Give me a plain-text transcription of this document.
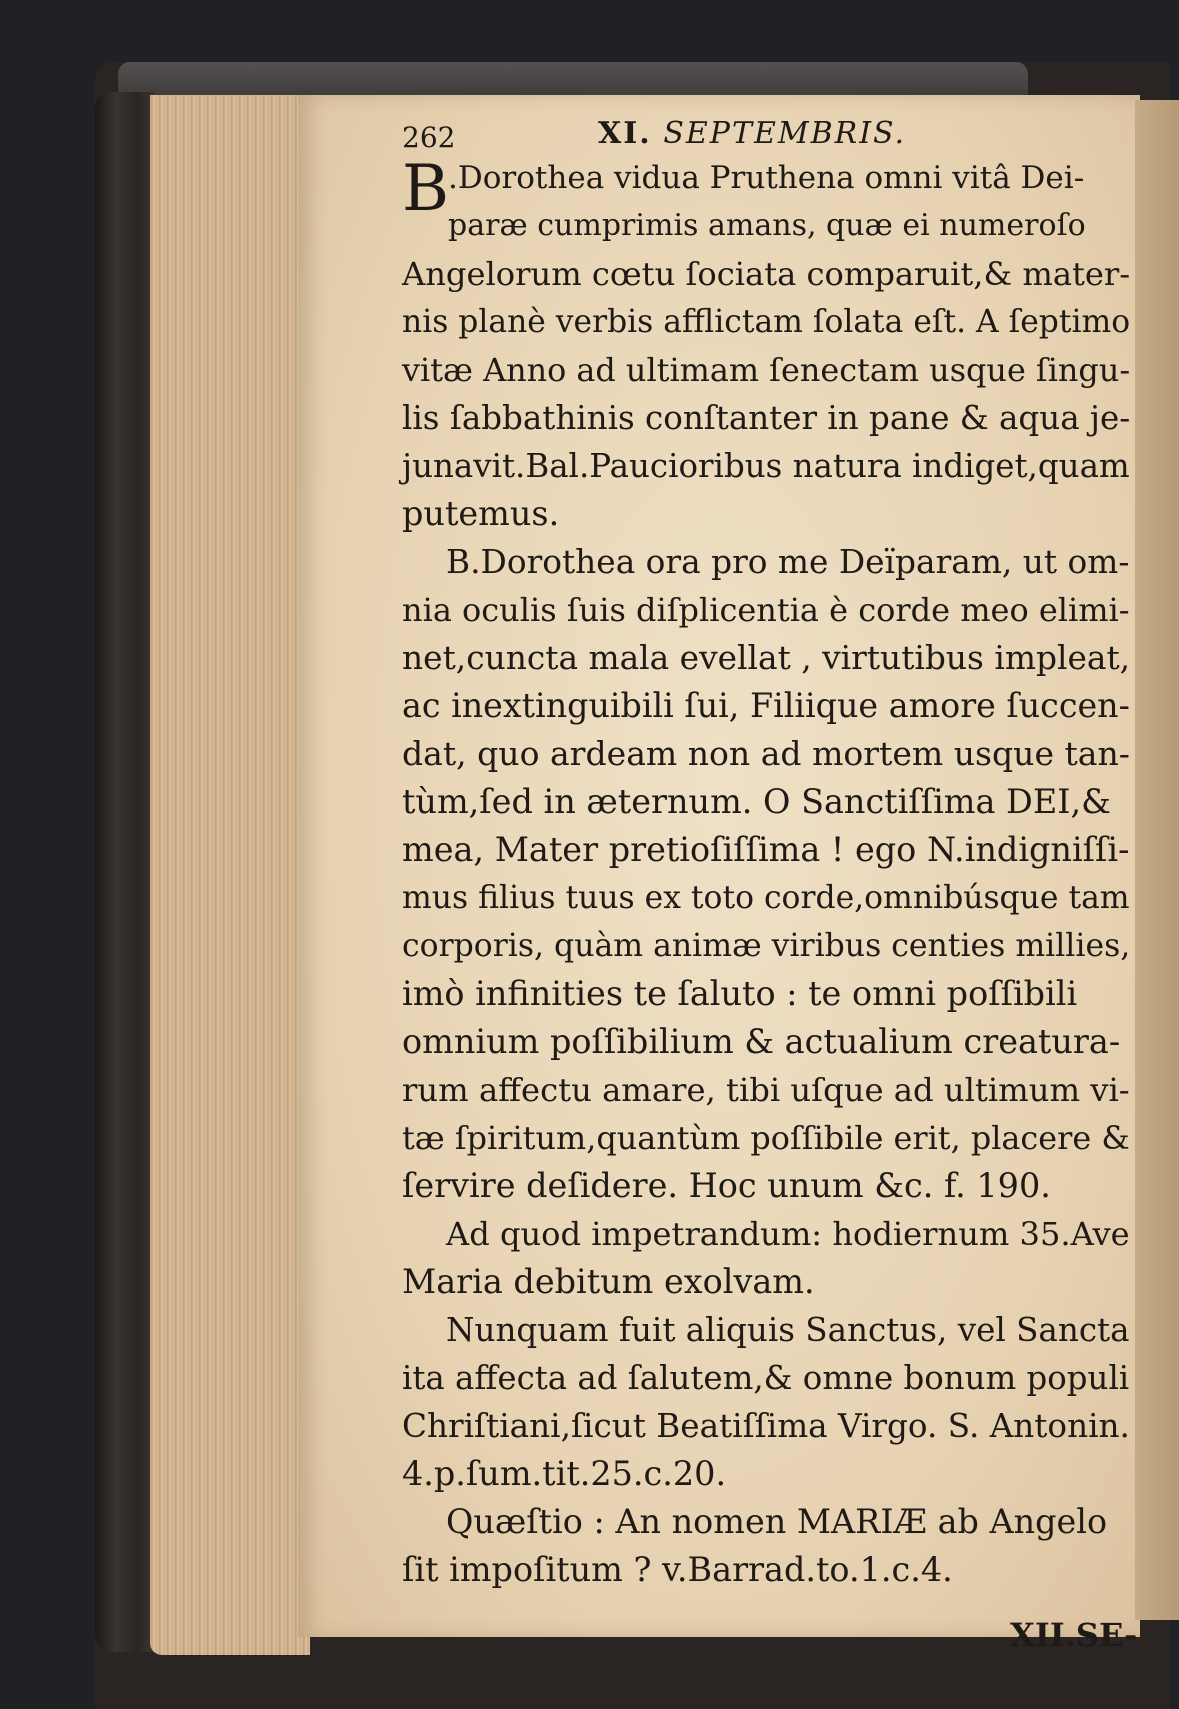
262	XI. SEPTEMBRIS.
B
.Dorothea vidua Pruthena omni vitâ Dei-
paræ cumprimis amans, quæ ei numeroſo
Angelorum cœtu ſociata comparuit,& mater-
nis planè verbis afflictam ſolata eſt. A ſeptimo
vitæ Anno ad ultimam ſenectam usque ſingu-
lis ſabbathinis conſtanter in pane & aqua je-
junavit.Bal.Paucioribus natura indiget,quam
putemus.
B.Dorothea ora pro me Deïparam, ut om-
nia oculis ſuis diſplicentia è corde meo elimi-
net,cuncta mala evellat , virtutibus impleat,
ac inextinguibili ſui, Filiique amore ſuccen-
dat, quo ardeam non ad mortem usque tan-
tùm,ſed in æternum. O Sanctiſſima DEI,&
mea, Mater pretioſiſſima ! ego N.indigniſſi-
mus filius tuus ex toto corde,omnibúsque tam
corporis, quàm animæ viribus centies millies,
imò infinities te ſaluto : te omni poſſibili
omnium poſſibilium & actualium creatura-
rum affectu amare, tibi uſque ad ultimum vi-
tæ ſpiritum,quantùm poſſibile erit, placere &
ſervire deſidere. Hoc unum &c. f. 190.
Ad quod impetrandum: hodiernum 35.Ave
Maria debitum exolvam.
Nunquam fuit aliquis Sanctus, vel Sancta
ita affecta ad ſalutem,& omne bonum populi
Chriſtiani,ſicut Beatiſſima Virgo. S. Antonin.
4.p.ſum.tit.25.c.20.
Quæſtio : An nomen MARIÆ ab Angelo
ſit impoſitum ? v.Barrad.to.1.c.4.
XII.SE-
